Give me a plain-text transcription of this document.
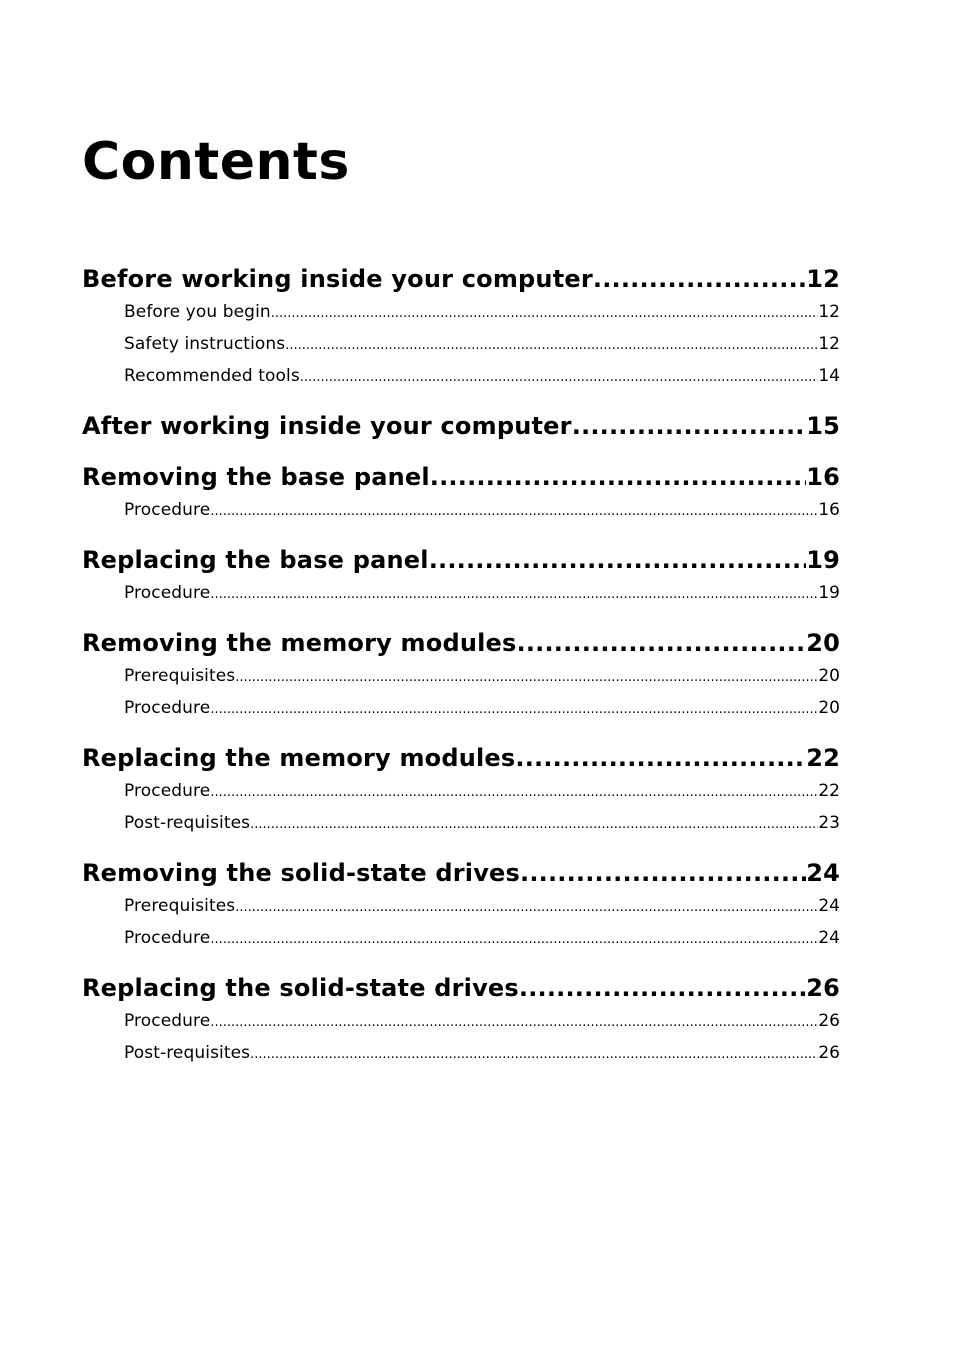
Contents
Before working inside your computer .....	12
Before you begin .....	12
Safety instructions .....	12
Recommended tools .....	14
After working inside your computer .....	15
Removing the base panel .....	16
Procedure .....	16
Replacing the base panel .....	19
Procedure .....	19
Removing the memory modules .....	20
Prerequisites .....	20
Procedure .....	20
Replacing the memory modules .....	22
Procedure .....	22
Post-requisites .....	23
Removing the solid-state drives .....	24
Prerequisites .....	24
Procedure .....	24
Replacing the solid-state drives .....	26
Procedure .....	26
Post-requisites .....	26
